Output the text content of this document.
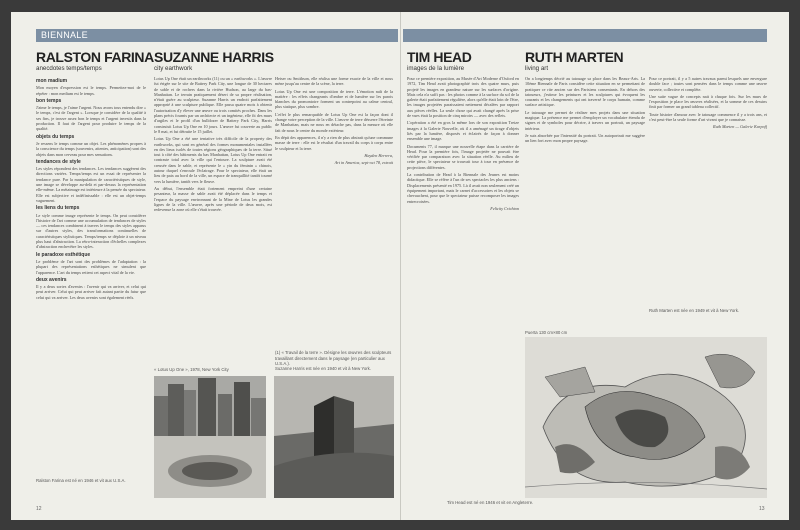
BIENNALE
RALSTON FARINA
anecdotes temps/temps
SUZANNE HARRIS
city earthwork
TIM HEAD
images de la lumière
RUTH MARTEN
living art
mon madium

Mon moyen d'expression est le temps. Permettez-moi de le répéter : mon medium est le temps.

bon temps

J'aime le temps, je l'aime l'argent. Nous avons tous entendu dire « le temps, c'est de l'argent ». Lorsque je considère de la qualité à ses fins, je trouve assez bon le temps et l'argent investis dans la production. Il faut de l'argent pour produire le temps de la qualité.

objets du temps

Je ressens le temps comme un objet. Les phénomènes propres à la conscience du temps (souvenirs, attentes, anticipation) sont des objets dans mon cerveau pour mes sensations.

tendances de style

Les styles répondent des tendances. Les tendances suggèrent des directions variées. Temps/temps est un essai de représenter la tendance pure. Par la manipulation de caractéristiques de style, une image se développe au-delà et par-dessus la représentation elle-même. La métaimage est intérieure à la pensée du spectateur. Elle est subjective et indéfinissable : elle est un objet-temps vaguement.

les liens du temps

Le style comme image représente le temps. On peut considérer l'histoire de l'art comme une accumulation de tendances de styles — ces tendances combinent à travers le temps des styles apparus sur d'autres styles, des transformations continuelles de caractéristiques stylistiques. Temps/temps se déploie à un niveau plus haut d'abstraction. La rétro-interaction d'échelles complexes d'abstraction enchevêtre les styles.

le paradoxe esthétique

Le problème de l'art sont des problèmes de l'adaptation : la plupart des représentations esthétiques ne simulent que l'apparence. L'art du temps retient cet aspect vital de la vie.

deux avenirs

Il y a deux sortes d'avenirs : l'avenir qui va arriver, et celui qui peut arriver. Celui qui peut arriver fait autant partie du futur que celui qui va arriver. Les deux avenirs sont également réels.

Ralston Farina est né en 1946 et vit aux U.S.A.

Lotus Up One était un earthworks (11) ou un « earthworks ». L'œuvre fut érigée sur le site de Battery Park City, une longue de 30 hectares de sable et de rochers dans la rivière Hudson, au large du bas-Manhattan. Le terrain pratiquement désert de sa propre réalisation, n'était guère au sculpteur. Suzanne Harris un endroit parfaitement approprié à une sculpture publique. Elle passa quatre mois à obtenir l'autorisation d'y élever une œuvre ou trois comités proches. Dans les plans précis fournis par un architecte et un ingénieur, elle fit des murs d'argiles et le profil d'un bulldozer de Battery Park City, Harris construisit Lotus Up One en 10 jours. L'œuvre fut couverte au public le 8 mai, et fut détruite le 15 juillet.

Lotus Up One a été une tentative très difficile de la property des earthworks, qui sont en général des formes monumentales installées en des lieux isolés de toutes régions géographiques de la terre. Situé tout à côté des bâtiments du bas Manhattan, Lotus Up One entrait en contraste total avec la ville qui l'entoure. La sculpture avait été creusée dans le sable, et représente le « yin du féminin » chinois, autour duquel s'enroule l'éclairage. Pour le spectateur, elle était un lieu de paix au bord de la ville, un espace de tranquillité tantôt tourné vers la lumière, tantôt vers le fleuve.

Au début, l'ensemble était fortement empreint d'une certaine pesanteur, la masse de sable avait été déplacée dans le temps et l'espace du paysage environnant de la Mine de Lotus les grandes lignes de la ville. L'œuvre, après une période de deux mois, est redevenue la zone où elle s'était trouvée.

Heiser ou Smithson, elle réalisa une forme exacte de la ville et nous mène jusqu'au centre de la scène, la terre.

Lotus Up One est une composition de terre. L'émotion naît de la matière : les effets changeants d'ombre et de lumière sur les parois blanches du promontoire forment un contrepoint au calme central, plus statique, plus sombre.

L'effet le plus remarquable de Lotus Up One est la façon dont il change votre perception de la ville. L'œuvre de terre désserre l'étreinte de Manhattan, mais ne nous en détache pas, dans la mesure où elle fait de nous le centre du monde extérieur.

En dépit des apparences, il n'y a rien de plus abstrait qu'une commune masse de terre : elle est le résultat d'un travail du corps à corps entre le sculpteur et la terre.

Hayden Herrera,
Art in America, sept-oct 78, extrait
(1) « Travail de la terre ». Désigne les œuvres des sculpteurs travaillant directement dans le paysage (en particulier aux U.S.A.).
Suzanne Harris est née en 1940 et vit à New York.
« Lotus Up One », 1978, New York City
12

Pour ce première exposition, au Musée d'Art Moderne d'Oxford en 1972, Tim Head avait photographié trois des quatre murs, puis projeté les images en grandeur nature sur les surfaces d'origine. Mais cela n'a suffi pas : les photos comme à la surface du sol de la galerie était parfaitement régulière, alors qu'elle était loin de l'être, les images projetées paraissaient nettement décalées par rapport aux pièces réelles. La seule chose qui avait changé après la prise de vues était la position de cinq miroirs — avec des reflets.

L'opération a été en gros la même lors de son exposition Treize images à la Galerie Nouvelle, où il a aménagé un tirage d'objets liés par la lumière, disposés et éclairés de façon à donner ensemble une image.

Documents 77, il marque une nouvelle étape dans la carrière de Head. Pour la première fois, l'image projetée ne pouvait être vérifiée par comparaison avec la situation réelle. Au milieu de cette pièce, le spectateur se trouvait tour à tour en présence de projections différentes.

La contribution de Head à la Biennale des Jeunes est moins didactique. Elle se réfère à l'un de ses spectacles les plus anciens : Displacements présenté en 1975. Là il avait non seulement créé un équipement important, mais le carnet d'accessoires et les objets se chevauchent, pour que le spectateur puisse recomposer les images entrecroisées.

Felicity Crichton
Tim Head est né en 1946 et vit en Angleterre.

On a longtemps décrié au tatouage sa place dans les Beaux-Arts. La 10ème Biennale de Paris considère cette situation en se permettant de pratiquer ce rite ancien sur des Parisiens consentants. En dehors des tatoueurs, j'estime les peintures et les sculptures qui évoquent les courants et les changements qui ont traversé le corps humain, comme surface artistique.

Le tatouage me permet de réaliser mes projets dans une situation magique. La présence me permet d'employer un vocabulaire étendu de signes et de symboles pour décrire, à travers un portrait, un paysage intérieur.

Je suis absorbée par l'intensité du portrait. Un autoportrait me suggère un lien fort avec mon propre paysage.

Pour ce portrait, il y a 5 autres travaux parmi lesquels une envergure double face ; toutes sont pensées dans le temps comme une œuvre ouverte, collective et complète.

Une suite vague de concepts nait à chaque fois. Sur les murs de l'exposition je place les œuvres réalisées, et la somme de ces dessins finit par former un grand tableau collectif.

Toute histoire d'amour avec le tatouage commence il y a trois ans, et c'est peut-être la seule forme d'art vivant que je connaisse.

Ruth Marten — Galerie Karpoff
Ruth Marten est née en 1949 et vit à New York.
Puerta 130 cm×80 cm
13
